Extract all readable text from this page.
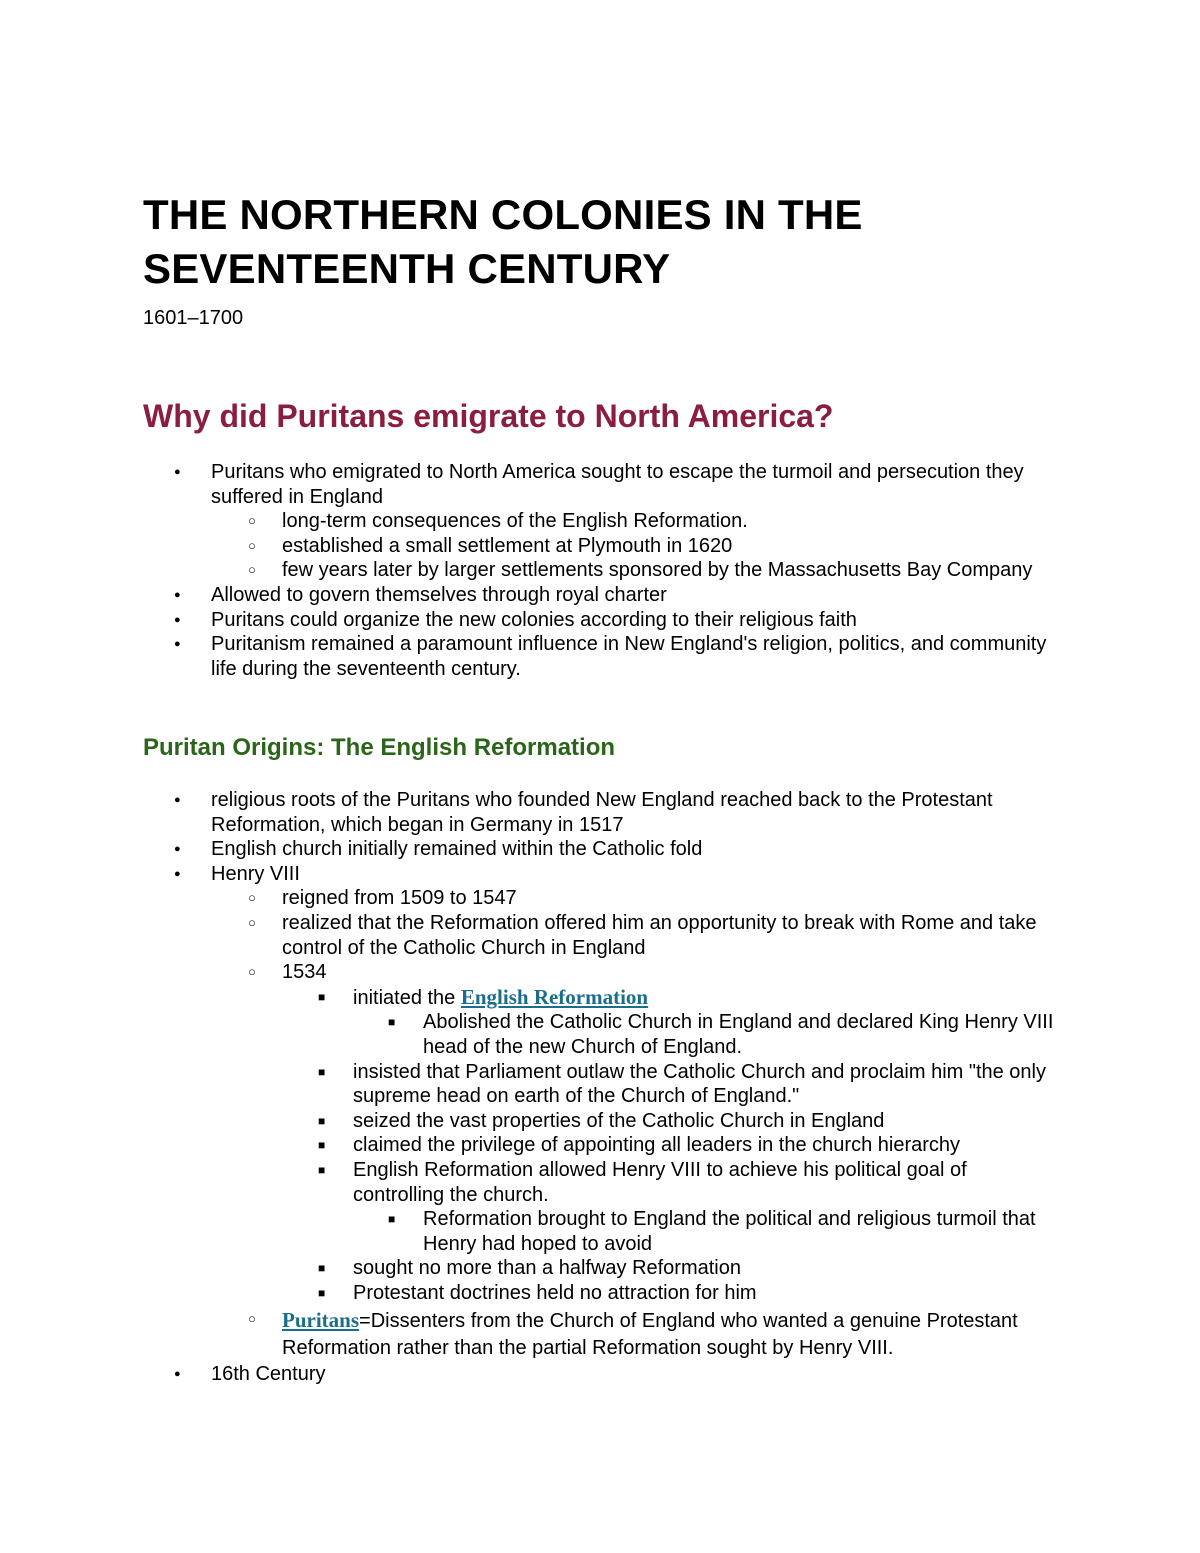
THE NORTHERN COLONIES IN THE
SEVENTEENTH CENTURY

1601–1700

Why did Puritans emigrate to North America?
● Puritans who emigrated to North America sought to escape the turmoil and persecution they suffered in England
○ long-term consequences of the English Reformation.
○ established a small settlement at Plymouth in 1620
○ few years later by larger settlements sponsored by the Massachusetts Bay Company
● Allowed to govern themselves through royal charter
● Puritans could organize the new colonies according to their religious faith
● Puritanism remained a paramount influence in New England's religion, politics, and community life during the seventeenth century.
Puritan Origins: The English Reformation
● religious roots of the Puritans who founded New England reached back to the Protestant Reformation, which began in Germany in 1517
● English church initially remained within the Catholic fold
● Henry VIII
○ reigned from 1509 to 1547
○ realized that the Reformation offered him an opportunity to break with Rome and take control of the Catholic Church in England
○ 1534
■ initiated the English Reformation
■ Abolished the Catholic Church in England and declared King Henry VIII head of the new Church of England.
■ insisted that Parliament outlaw the Catholic Church and proclaim him "the only supreme head on earth of the Church of England."
■ seized the vast properties of the Catholic Church in England
■ claimed the privilege of appointing all leaders in the church hierarchy
■ English Reformation allowed Henry VIII to achieve his political goal of controlling the church.
■ Reformation brought to England the political and religious turmoil that Henry had hoped to avoid
■ sought no more than a halfway Reformation
■ Protestant doctrines held no attraction for him
○ Puritans=Dissenters from the Church of England who wanted a genuine Protestant Reformation rather than the partial Reformation sought by Henry VIII.
● 16th Century
